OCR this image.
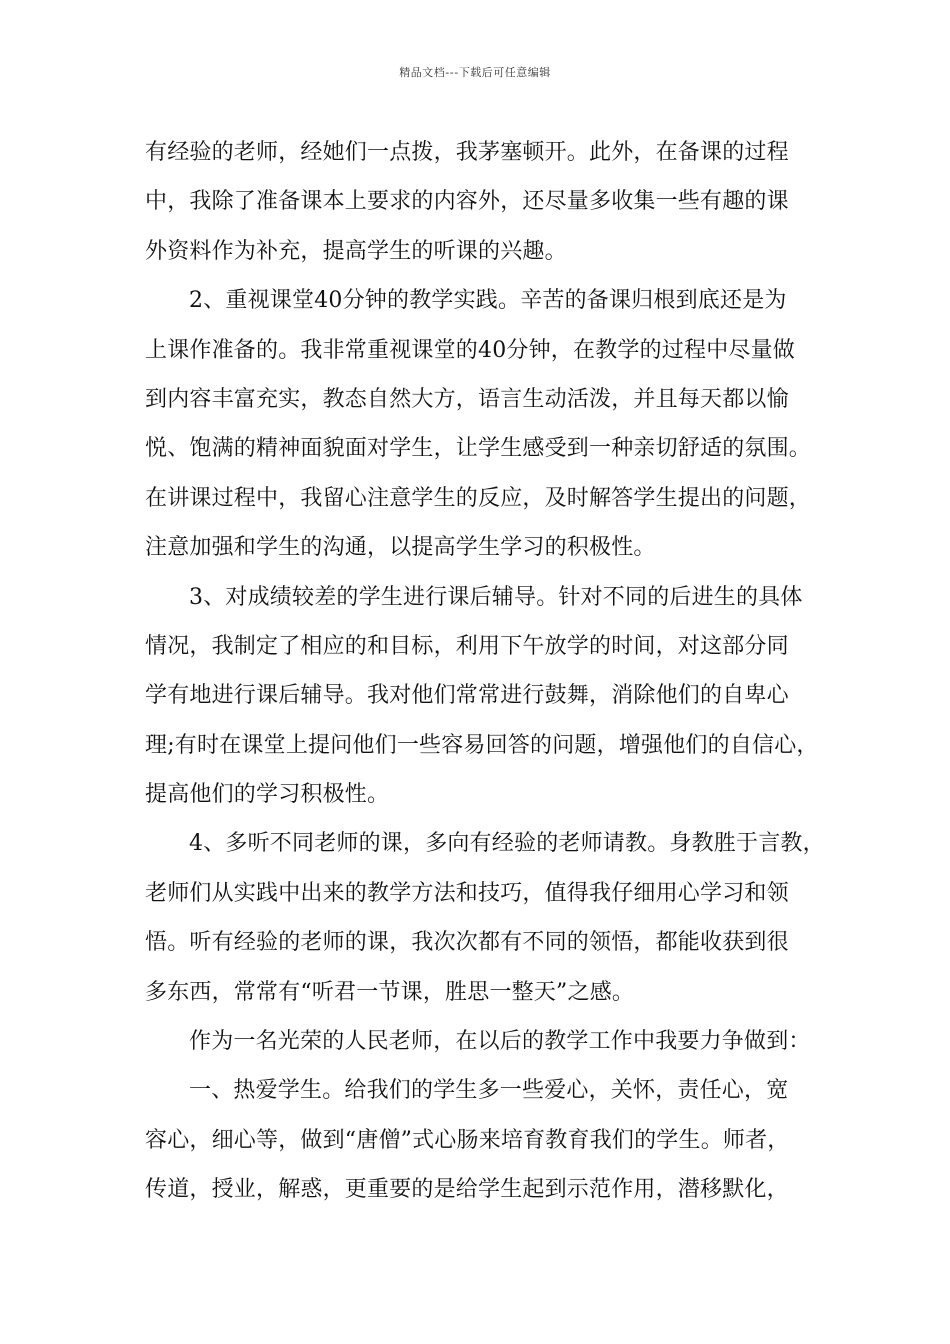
精品文档---下载后可任意编辑
有经验的老师，经她们一点拨，我茅塞顿开。此外，在备课的过程
中，我除了准备课本上要求的内容外，还尽量多收集一些有趣的课
外资料作为补充，提高学生的听课的兴趣。
2、重视课堂40分钟的教学实践。辛苦的备课归根到底还是为
上课作准备的。我非常重视课堂的40分钟，在教学的过程中尽量做
到内容丰富充实，教态自然大方，语言生动活泼，并且每天都以愉
悦、饱满的精神面貌面对学生，让学生感受到一种亲切舒适的氛围。
在讲课过程中，我留心注意学生的反应，及时解答学生提出的问题，
注意加强和学生的沟通，以提高学生学习的积极性。
3、对成绩较差的学生进行课后辅导。针对不同的后进生的具体
情况，我制定了相应的和目标，利用下午放学的时间，对这部分同
学有地进行课后辅导。我对他们常常进行鼓舞，消除他们的自卑心
理;有时在课堂上提问他们一些容易回答的问题，增强他们的自信心，
提高他们的学习积极性。
4、多听不同老师的课，多向有经验的老师请教。身教胜于言教，
老师们从实践中出来的教学方法和技巧，值得我仔细用心学习和领
悟。听有经验的老师的课，我次次都有不同的领悟，都能收获到很
多东西，常常有“听君一节课，胜思一整天”之感。
作为一名光荣的人民老师，在以后的教学工作中我要力争做到：
一、热爱学生。给我们的学生多一些爱心，关怀，责任心，宽
容心，细心等，做到“唐僧”式心肠来培育教育我们的学生。师者，
传道，授业，解惑，更重要的是给学生起到示范作用，潜移默化，
